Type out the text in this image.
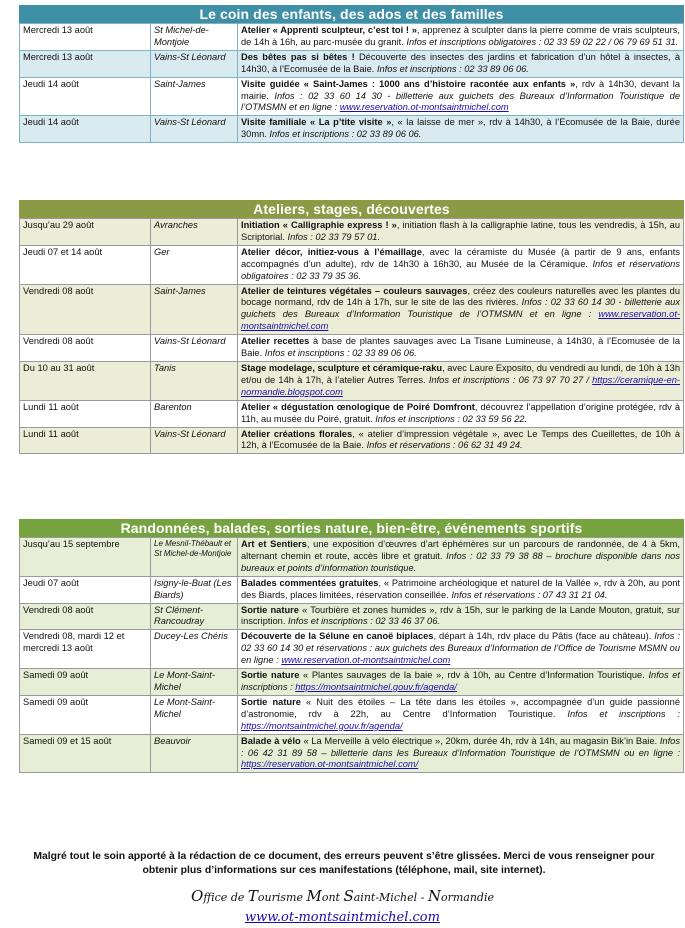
Le coin des enfants, des ados et des familles
Mercredi 13 août	St Michel-de-Montjoie	Atelier « Apprenti sculpteur, c’est toi ! », apprenez à sculpter dans la pierre comme de vrais sculpteurs, de 14h à 16h, au parc-musée du granit. Infos et inscriptions obligatoires : 02 33 59 02 22 / 06 79 69 51 31.
Mercredi 13 août	Vains-St Léonard	Des bêtes pas si bêtes ! Découverte des insectes des jardins et fabrication d’un hôtel à insectes, à 14h30, à l’Ecomusée de la Baie. Infos et inscriptions : 02 33 89 06 06.
Jeudi 14 août	Saint-James	Visite guidée « Saint-James : 1000 ans d’histoire racontée aux enfants », rdv à 14h30, devant la mairie. Infos : 02 33 60 14 30 - billetterie aux guichets des Bureaux d’Information Touristique de l’OTMSMN et en ligne : www.reservation.ot-montsaintmichel.com
Jeudi 14 août	Vains-St Léonard	Visite familiale « La p’tite visite », « la laisse de mer », rdv à 14h30, à l’Ecomusée de la Baie, durée 30mn. Infos et inscriptions : 02 33 89 06 06.
Ateliers, stages, découvertes
Jusqu’au 29 août	Avranches	Initiation « Calligraphie express ! », initiation flash à la calligraphie latine, tous les vendredis, à 15h, au Scriptorial. Infos : 02 33 79 57 01.
Jeudi 07 et 14 août	Ger	Atelier décor, initiez-vous à l’émaillage, avec la céramiste du Musée (à partir de 9 ans, enfants accompagnés d’un adulte), rdv de 14h30 à 16h30, au Musée de la Céramique. Infos et réservations obligatoires : 02 33 79 35 36.
Vendredi 08 août	Saint-James	Atelier de teintures végétales – couleurs sauvages, créez des couleurs naturelles avec les plantes du bocage normand, rdv de 14h à 17h, sur le site de las des rivières. Infos : 02 33 60 14 30 - billetterie aux guichets des Bureaux d’Information Touristique de l’OTMSMN et en ligne : www.reservation.ot-montsaintmichel.com
Vendredi 08 août	Vains-St Léonard	Atelier recettes à base de plantes sauvages avec La Tisane Lumineuse, à 14h30, à l’Ecomusée de la Baie. Infos et inscriptions : 02 33 89 06 06.
Du 10 au 31 août	Tanis	Stage modelage, sculpture et céramique-raku, avec Laure Exposito, du vendredi au lundi, de 10h à 13h et/ou de 14h à 17h, à l’atelier Autres Terres. Infos et inscriptions : 06 73 97 70 27 / https://ceramique-en-normandie.blogspot.com
Lundi 11 août	Barenton	Atelier « dégustation œnologique de Poiré Domfront, découvrez l’appellation d’origine protégée, rdv à 11h, au musée du Poiré, gratuit. Infos et inscriptions : 02 33 59 56 22.
Lundi 11 août	Vains-St Léonard	Atelier créations florales, « atelier d’impression végétale », avec Le Temps des Cueillettes, de 10h à 12h, à l’Ecomusée de la Baie. Infos et réservations : 06 62 31 49 24.
Randonnées, balades, sorties nature, bien-être, événements sportifs
Jusqu’au 15 septembre	Le Mesnil-Thébault et St Michel-de-Montjoie	Art et Sentiers, une exposition d’œuvres d’art éphémères sur un parcours de randonnée, de 4 à 5km, alternant chemin et route, accès libre et gratuit. Infos : 02 33 79 38 88 – brochure disponible dans nos bureaux et points d’information touristique.
Jeudi 07 août	Isigny-le-Buat (Les Biards)	Balades commentées gratuites, « Patrimoine archéologique et naturel de la Vallée », rdv à 20h, au pont des Biards, places limitées, réservation conseillée. Infos et réservations : 07 43 31 21 04.
Vendredi 08 août	St Clément-Rancoudray	Sortie nature « Tourbière et zones humides », rdv à 15h, sur le parking de la Lande Mouton, gratuit, sur inscription. Infos et inscriptions : 02 33 46 37 06.
Vendredi 08, mardi 12 et mercredi 13 août	Ducey-Les Chéris	Découverte de la Sélune en canoë biplaces, départ à 14h, rdv place du Pâtis (face au château). Infos : 02 33 60 14 30 et réservations : aux guichets des Bureaux d’Information de l’Office de Tourisme MSMN ou en ligne : www.reservation.ot-montsaintmichel.com
Samedi 09 août	Le Mont-Saint-Michel	Sortie nature « Plantes sauvages de la baie », rdv à 10h, au Centre d’Information Touristique. Infos et inscriptions : https://montsaintmichel.gouv.fr/agenda/
Samedi 09 août	Le Mont-Saint-Michel	Sortie nature « Nuit des étoiles – La tête dans les étoiles », accompagnée d’un guide passionné d’astronomie, rdv à 22h, au Centre d’Information Touristique. Infos et inscriptions : https://montsaintmichel.gouv.fr/agenda/
Samedi 09 et 15 août	Beauvoir	Balade à vélo « La Merveille à vélo électrique », 20km, durée 4h, rdv à 14h, au magasin Bik’in Baie. Infos : 06 42 31 89 58 – billetterie dans les Bureaux d’Information Touristique de l’OTMSMN ou en ligne : https://reservation.ot-montsaintmichel.com/
Malgré tout le soin apporté à la rédaction de ce document, des erreurs peuvent s’être glissées. Merci de vous renseigner pour obtenir plus d’informations sur ces manifestations (téléphone, mail, site internet).
Office de Tourisme Mont Saint-Michel - Normandie
www.ot-montsaintmichel.com
